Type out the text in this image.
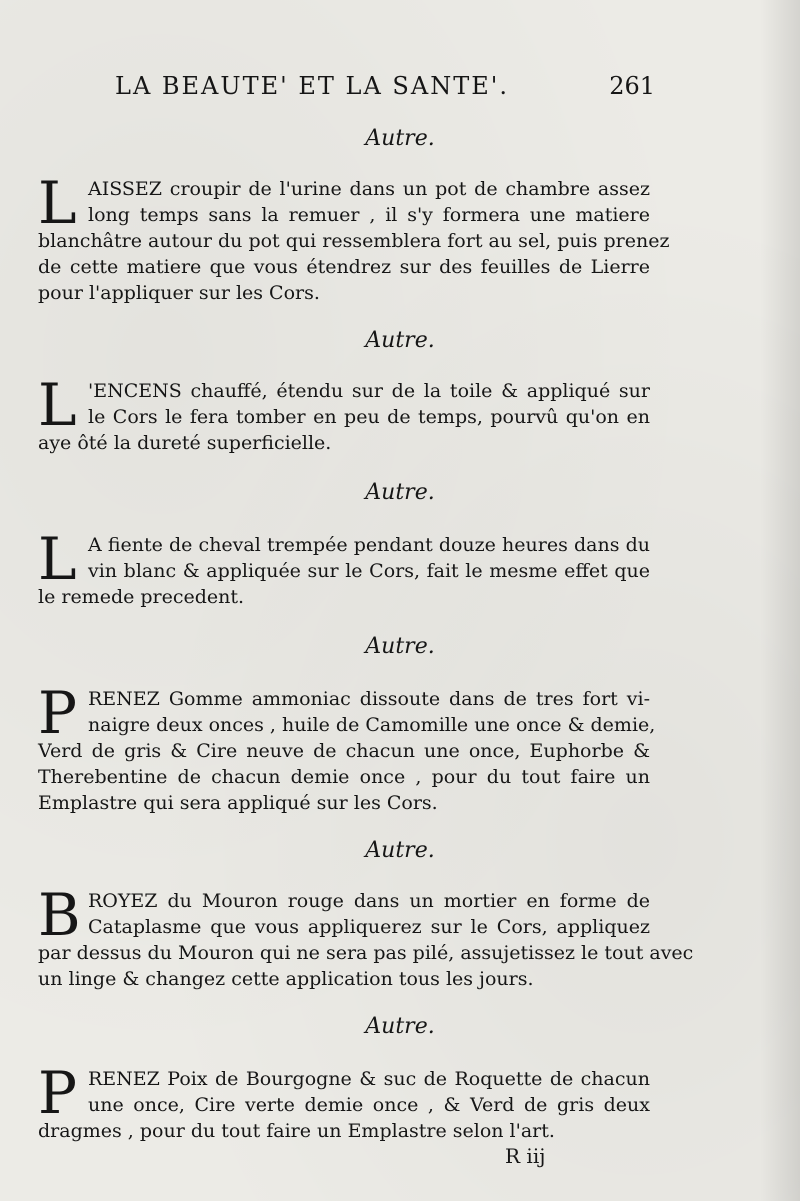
LA BEAUTE' ET LA SANTE'.	261
Autre.
L AISSEZ croupir de l'urine dans un pot de chambre assez
long temps sans la remuer , il s'y formera une matiere
blanchâtre autour du pot qui ressemblera fort au sel, puis prenez
de cette matiere que vous étendrez sur des feuilles de Lierre
pour l'appliquer sur les Cors.
Autre.
L 'ENCENS chauffé, étendu sur de la toile & appliqué sur
le Cors le fera tomber en peu de temps, pourvû qu'on en
aye ôté la dureté superficielle.
Autre.
L A fiente de cheval trempée pendant douze heures dans du
vin blanc & appliquée sur le Cors, fait le mesme effet que
le remede precedent.
Autre.
P RENEZ Gomme ammoniac dissoute dans de tres fort vi-
naigre deux onces , huile de Camomille une once & demie,
Verd de gris & Cire neuve de chacun une once, Euphorbe &
Therebentine de chacun demie once , pour du tout faire un
Emplastre qui sera appliqué sur les Cors.
Autre.
B ROYEZ du Mouron rouge dans un mortier en forme de
Cataplasme que vous appliquerez sur le Cors, appliquez
par dessus du Mouron qui ne sera pas pilé, assujetissez le tout avec
un linge & changez cette application tous les jours.
Autre.
P RENEZ Poix de Bourgogne & suc de Roquette de chacun
une once, Cire verte demie once , & Verd de gris deux
dragmes , pour du tout faire un Emplastre selon l'art.
R iij
